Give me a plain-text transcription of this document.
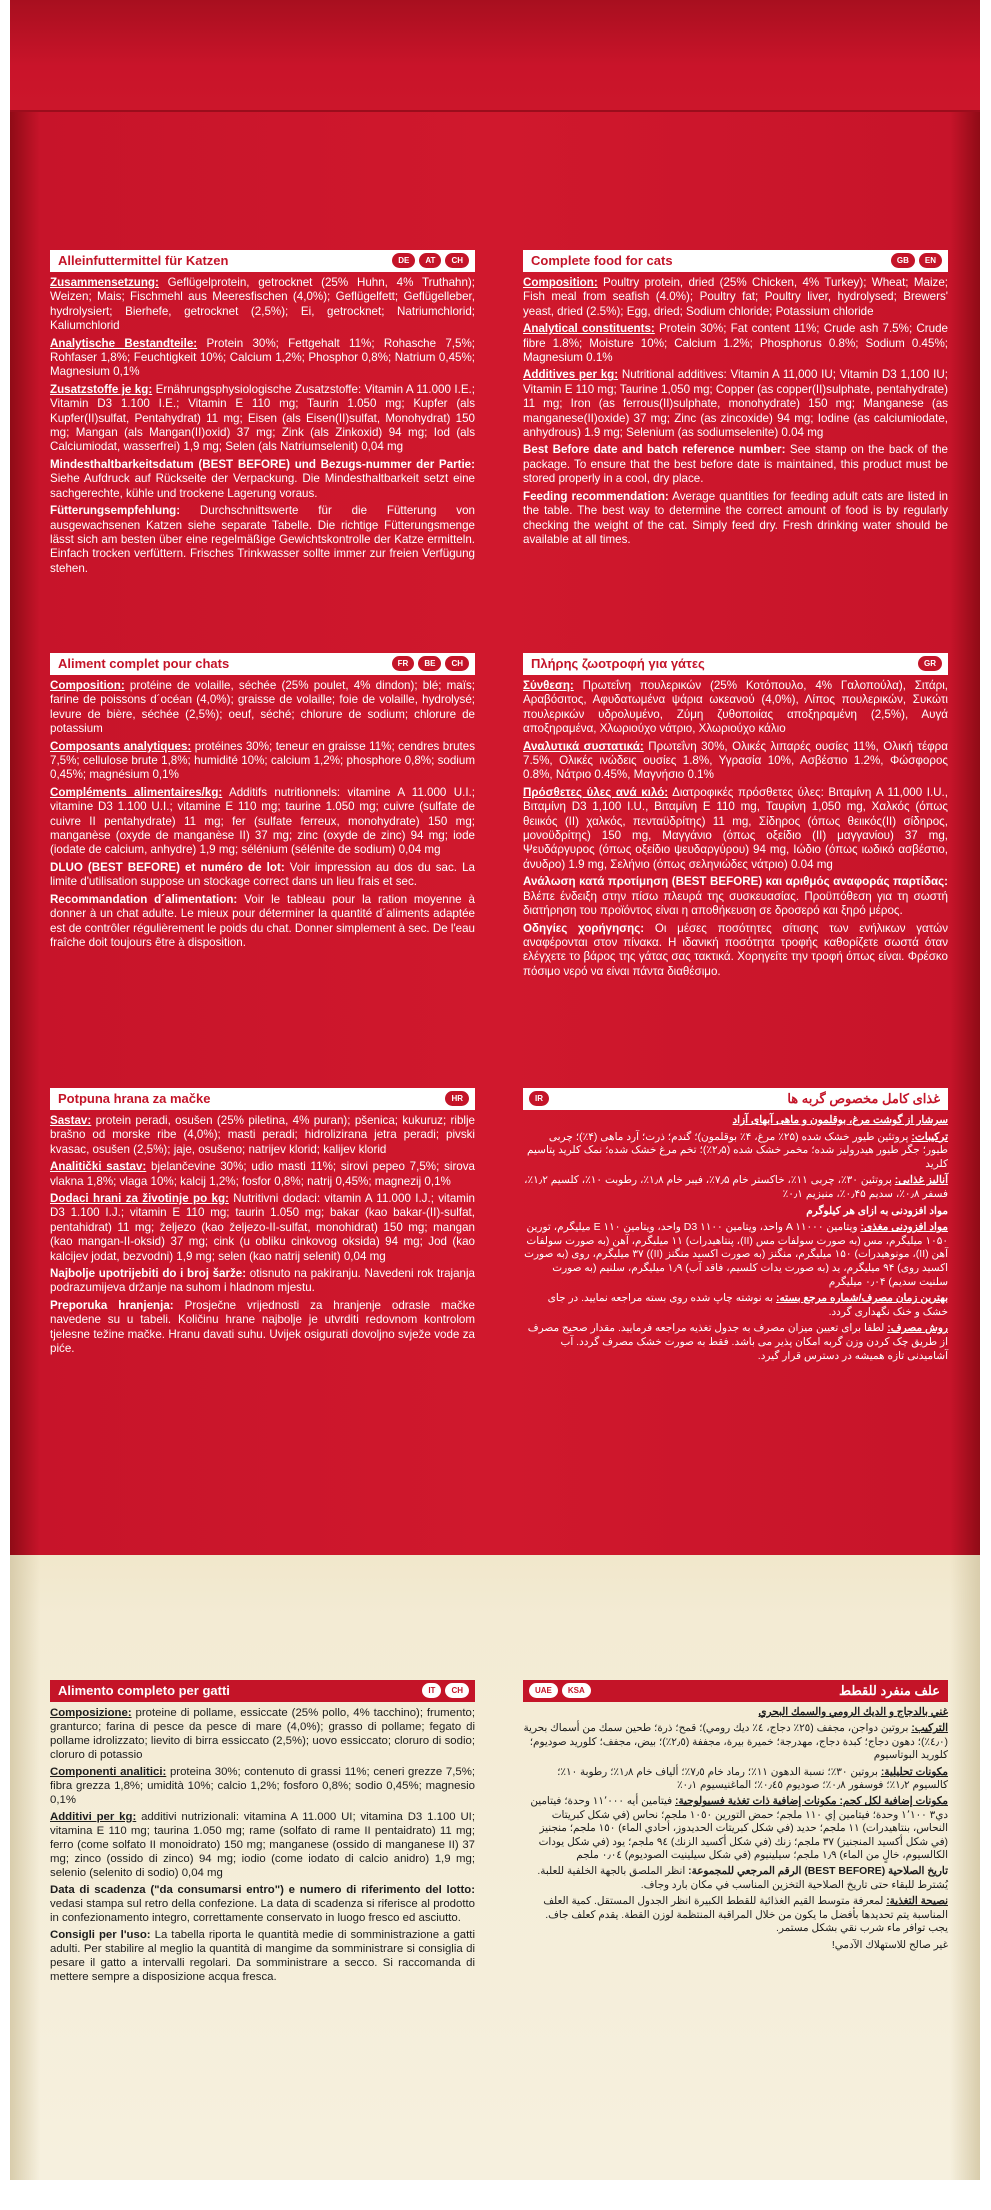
Alleinfuttermittel für Katzen	DE	AT	CH

Zusammensetzung: Geflügelprotein, getrocknet (25% Huhn, 4% Truthahn); Weizen; Mais; Fischmehl aus Meeresfischen (4,0%); Geflügelfett; Geflügelleber, hydrolysiert; Bierhefe, getrocknet (2,5%); Ei, getrocknet; Natriumchlorid; Kaliumchlorid

Analytische Bestandteile: Protein 30%; Fettgehalt 11%; Rohasche 7,5%; Rohfaser 1,8%; Feuchtigkeit 10%; Calcium 1,2%; Phosphor 0,8%; Natrium 0,45%; Magnesium 0,1%

Zusatzstoffe je kg: Ernährungsphysiologische Zusatzstoffe: Vitamin A 11.000 I.E.; Vitamin D3 1.100 I.E.; Vitamin E 110 mg; Taurin 1.050 mg; Kupfer (als Kupfer(II)sulfat, Pentahydrat) 11 mg; Eisen (als Eisen(II)sulfat, Monohydrat) 150 mg; Mangan (als Mangan(II)oxid) 37 mg; Zink (als Zinkoxid) 94 mg; Iod (als Calciumiodat, wasserfrei) 1,9 mg; Selen (als Natriumselenit) 0,04 mg

Mindesthaltbarkeitsdatum (BEST BEFORE) und Bezugs-nummer der Partie: Siehe Aufdruck auf Rückseite der Verpackung. Die Mindesthaltbarkeit setzt eine sachgerechte, kühle und trockene Lagerung voraus.

Fütterungsempfehlung: Durchschnittswerte für die Fütterung von ausgewachsenen Katzen siehe separate Tabelle. Die richtige Fütterungsmenge lässt sich am besten über eine regelmäßige Gewichtskontrolle der Katze ermitteln. Einfach trocken verfüttern. Frisches Trinkwasser sollte immer zur freien Verfügung stehen.

Complete food for cats	GB	EN

Composition: Poultry protein, dried (25% Chicken, 4% Turkey); Wheat; Maize; Fish meal from seafish (4.0%); Poultry fat; Poultry liver, hydrolysed; Brewers' yeast, dried (2.5%); Egg, dried; Sodium chloride; Potassium chloride

Analytical constituents: Protein 30%; Fat content 11%; Crude ash 7.5%; Crude fibre 1.8%; Moisture 10%; Calcium 1.2%; Phosphorus 0.8%; Sodium 0.45%; Magnesium 0.1%

Additives per kg: Nutritional additives: Vitamin A 11,000 IU; Vitamin D3 1,100 IU; Vitamin E 110 mg; Taurine 1,050 mg; Copper (as copper(II)sulphate, pentahydrate) 11 mg; Iron (as ferrous(II)sulphate, monohydrate) 150 mg; Manganese (as manganese(II)oxide) 37 mg; Zinc (as zincoxide) 94 mg; Iodine (as calciumiodate, anhydrous) 1.9 mg; Selenium (as sodiumselenite) 0.04 mg

Best Before date and batch reference number: See stamp on the back of the package. To ensure that the best before date is maintained, this product must be stored properly in a cool, dry place.

Feeding recommendation: Average quantities for feeding adult cats are listed in the table. The best way to determine the correct amount of food is by regularly checking the weight of the cat. Simply feed dry. Fresh drinking water should be available at all times.

Aliment complet pour chats	FR	BE	CH

Composition: protéine de volaille, séchée (25% poulet, 4% dindon); blé; maïs; farine de poissons d´océan (4,0%); graisse de volaille; foie de volaille, hydrolysé; levure de bière, séchée (2,5%); oeuf, séché; chlorure de sodium; chlorure de potassium

Composants analytiques: protéines 30%; teneur en graisse 11%; cendres brutes 7,5%; cellulose brute 1,8%; humidité 10%; calcium 1,2%; phosphore 0,8%; sodium 0,45%; magnésium 0,1%

Compléments alimentaires/kg: Additifs nutritionnels: vitamine A 11.000 U.I.; vitamine D3 1.100 U.I.; vitamine E 110 mg; taurine 1.050 mg; cuivre (sulfate de cuivre II pentahydrate) 11 mg; fer (sulfate ferreux, monohydrate) 150 mg; manganèse (oxyde de manganèse II) 37 mg; zinc (oxyde de zinc) 94 mg; iode (iodate de calcium, anhydre) 1,9 mg; sélénium (sélénite de sodium) 0,04 mg

DLUO (BEST BEFORE) et numéro de lot: Voir impression au dos du sac. La limite d'utilisation suppose un stockage correct dans un lieu frais et sec.

Recommandation d´alimentation: Voir le tableau pour la ration moyenne à donner à un chat adulte. Le mieux pour déterminer la quantité d´aliments adaptée est de contrôler régulièrement le poids du chat. Donner simplement à sec. De l'eau fraîche doit toujours être à disposition.

Πλήρης ζωοτροφή για γάτες	GR

Σύνθεση: Πρωτεΐνη πουλερικών (25% Κοτόπουλο, 4% Γαλοπούλα), Σιτάρι, Αραβόσιτος, Αφυδατωμένα ψάρια ωκεανού (4,0%), Λίπος πουλερικών, Συκώτι πουλερικών υδρολυμένο, Ζύμη ζυθοποιίας αποξηραμένη (2,5%), Αυγά αποξηραμένα, Χλωριούχο νάτριο, Χλωριούχο κάλιο

Αναλυτικά συστατικά: Πρωτεΐνη 30%, Ολικές λιπαρές ουσίες 11%, Ολική τέφρα 7.5%, Ολικές ινώδεις ουσίες 1.8%, Υγρασία 10%, Ασβέστιο 1.2%, Φώσφορος 0.8%, Νάτριο 0.45%, Μαγνήσιο 0.1%

Πρόσθετες ύλες ανά κιλό: Διατροφικές πρόσθετες ύλες: Βιταμίνη A 11,000 I.U., Βιταμίνη D3 1,100 I.U., Βιταμίνη E 110 mg, Ταυρίνη 1,050 mg, Χαλκός (όπως θειικός (II) χαλκός, πενταϋδρίτης) 11 mg, Σίδηρος (όπως θειικός(II) σίδηρος, μονοϋδρίτης) 150 mg, Μαγγάνιο (όπως οξείδιο (II) μαγγανίου) 37 mg, Ψευδάργυρος (όπως οξείδιο ψευδαργύρου) 94 mg, Ιώδιο (όπως ιωδικό ασβέστιο, άνυδρο) 1.9 mg, Σελήνιο (όπως σεληνιώδες νάτριο) 0.04 mg

Ανάλωση κατά προτίμηση (BEST BEFORE) και αριθμός αναφοράς παρτίδας: Βλέπε ένδειξη στην πίσω πλευρά της συσκευασίας. Προϋπόθεση για τη σωστή διατήρηση του προϊόντος είναι η αποθήκευση σε δροσερό και ξηρό μέρος.

Οδηγίες χορήγησης: Οι μέσες ποσότητες σίτισης των ενήλικων γατών αναφέρονται στον πίνακα. Η ιδανική ποσότητα τροφής καθορίζετε σωστά όταν ελέγχετε το βάρος της γάτας σας τακτικά. Χορηγείτε την τροφή όπως είναι. Φρέσκο πόσιμο νερό να είναι πάντα διαθέσιμο.

Potpuna hrana za mačke	HR

Sastav: protein peradi, osušen (25% piletina, 4% puran); pšenica; kukuruz; riblje brašno od morske ribe (4,0%); masti peradi; hidrolizirana jetra peradi; pivski kvasac, osušen (2,5%); jaje, osušeno; natrijev klorid; kalijev klorid

Analitički sastav: bjelančevine 30%; udio masti 11%; sirovi pepeo 7,5%; sirova vlakna 1,8%; vlaga 10%; kalcij 1,2%; fosfor 0,8%; natrij 0,45%; magnezij 0,1%

Dodaci hrani za životinje po kg: Nutritivni dodaci: vitamin A 11.000 I.J.; vitamin D3 1.100 I.J.; vitamin E 110 mg; taurin 1.050 mg; bakar (kao bakar-(II)-sulfat, pentahidrat) 11 mg; željezo (kao željezo-II-sulfat, monohidrat) 150 mg; mangan (kao mangan-II-oksid) 37 mg; cink (u obliku cinkovog oksida) 94 mg; Jod (kao kalcijev jodat, bezvodni) 1,9 mg; selen (kao natrij selenit) 0,04 mg

Najbolje upotrijebiti do i broj šarže: otisnuto na pakiranju. Navedeni rok trajanja podrazumijeva držanje na suhom i hladnom mjestu.

Preporuka hranjenja: Prosječne vrijednosti za hranjenje odrasle mačke navedene su u tabeli. Količinu hrane najbolje je utvrditi redovnom kontrolom tjelesne težine mačke. Hranu davati suhu. Uvijek osigurati dovoljno svježe vode za piće.

غذای کامل مخصوص گربه ها
IR

سرشار از گوشت مرغ، بوقلمون و ماهی آبهای آزاد

ترکیبات: پروتئین طیور خشک شده (۲۵٪ مرغ، ۴٪ بوقلمون)؛ گندم؛ ذرت؛ آرد ماهی (۴٪)؛ چربی طیور؛ جگر طیور هیدرولیز شده؛ مخمر خشک شده (۲٫۵٪)؛ تخم مرغ خشک شده؛ نمک کلرید پتاسیم کلرید

آنالیز غذایی: پروتئین ۳۰٪، چربی ۱۱٪، خاکستر خام ۷٫۵٪، فیبر خام ۱٫۸٪، رطوبت ۱۰٪، کلسیم ۱٫۲٪، فسفر ۰٫۸٪، سدیم ۰٫۴۵٪، منیزیم ۰٫۱٪

مواد افزودنی به ازای هر کیلوگرم

مواد افزودنی مغذی: ویتامین A ۱۱۰۰۰ واحد، ویتامین D3 ۱۱۰۰ واحد، ویتامین E ۱۱۰ میلیگرم، تورین ۱۰۵۰ میلیگرم، مس (به صورت سولفات مس (II)، پنتاهیدرات) ۱۱ میلیگرم، آهن (به صورت سولفات آهن (II)، مونوهیدرات) ۱۵۰ میلیگرم، منگنز (به صورت اکسید منگنز (II)) ۳۷ میلیگرم، روی (به صورت اکسید روی) ۹۴ میلیگرم، ید (به صورت یدات کلسیم، فاقد آب) ۱٫۹ میلیگرم، سلنیم (به صورت سلنیت سدیم) ۰٫۰۴ میلیگرم

بهترین زمان مصرف/شماره مرجع بسته: به نوشته چاپ شده روی بسته مراجعه نمایید. در جای خشک و خنک نگهداری گردد.

روش مصرف: لطفا برای تعیین میزان مصرف به جدول تغذیه مراجعه فرمایید. مقدار صحیح مصرف از طریق چک کردن وزن گربه امکان پذیر می باشد. فقط به صورت خشک مصرف گردد. آب آشامیدنی تازه همیشه در دسترس قرار گیرد.

Alimento completo per gatti	IT	CH

Composizione: proteine di pollame, essiccate (25% pollo, 4% tacchino); frumento; granturco; farina di pesce da pesce di mare (4,0%); grasso di pollame; fegato di pollame idrolizzato; lievito di birra essiccato (2,5%); uovo essiccato; cloruro di sodio; cloruro di potassio

Componenti analitici: proteina 30%; contenuto di grassi 11%; ceneri grezze 7,5%; fibra grezza 1,8%; umidità 10%; calcio 1,2%; fosforo 0,8%; sodio 0,45%; magnesio 0,1%

Additivi per kg: additivi nutrizionali: vitamina A 11.000 UI; vitamina D3 1.100 UI; vitamina E 110 mg; taurina 1.050 mg; rame (solfato di rame II pentaidrato) 11 mg; ferro (come solfato II monoidrato) 150 mg; manganese (ossido di manganese II) 37 mg; zinco (ossido di zinco) 94 mg; iodio (come iodato di calcio anidro) 1,9 mg; selenio (selenito di sodio) 0,04 mg

Data di scadenza ("da consumarsi entro") e numero di riferimento del lotto: vedasi stampa sul retro della confezione. La data di scadenza si riferisce al prodotto in confezionamento integro, correttamente conservato in luogo fresco ed asciutto.

Consigli per l'uso: La tabella riporta le quantità medie di somministrazione a gatti adulti. Per stabilire al meglio la quantità di mangime da somministrare si consiglia di pesare il gatto a intervalli regolari. Da somministrare a secco. Si raccomanda di mettere sempre a disposizione acqua fresca.

علف منفرد للقطط
KSA
UAE

غني بالدجاج و الديك الرومي والسمك البحري

التركيب: بروتين دواجن، مجفف (۲٥٪ دجاج، ٤٪ ديك رومي)؛ قمح؛ ذرة؛ طحين سمك من أسماك بحرية (٤٫۰٪)؛ دهون دجاج؛ كبدة دجاج، مهدرجة؛ خميرة بيرة، مجففة (۲٫٥٪)؛ بيض، مجفف؛ كلوريد صوديوم؛ كلوريد البوتاسيوم

مكونات تحليلية: بروتين ۳۰٪؛ نسبة الدهون ۱۱٪؛ رماد خام ۷٫٥٪؛ ألياف خام ۱٫۸٪؛ رطوبة ۱۰٪؛ كالسيوم ۱٫۲٪؛ فوسفور ۰٫۸٪؛ صوديوم ۰٫٤٥٪؛ الماغنيسيوم ۰٫۱٪

مكونات إضافية لكل كجم: مكونات إضافية ذات تغذية فسيولوجية: فيتامين أيه ۱۱٬۰۰۰ وحدة؛ فيتامين دي۳ ۱٬۱۰۰ وحدة؛ فيتامين إي ۱۱۰ ملجم؛ حمض التورين ۱۰٥۰ ملجم؛ نحاس (في شكل كبريتات النحاس، بنتاهيدرات) ۱۱ ملجم؛ حديد (في شكل كبريتات الحديدوز، أحادي الماء) ۱٥۰ ملجم؛ منجنيز (في شكل أكسيد المنجنيز) ۳۷ ملجم؛ زنك (في شكل أكسيد الزنك) ۹٤ ملجم؛ يود (في شكل يودات الكالسيوم، خالٍ من الماء) ۱٫۹ ملجم؛ سيلينيوم (في شكل سيلينيت الصوديوم) ۰٫۰٤ ملجم

تاريخ الصلاحية (BEST BEFORE) الرقم المرجعي للمجموعة: انظر الملصق بالجهة الخلفية للعلبة. يُشترط للبقاء حتى تاريخ الصلاحية التخزين المناسب في مكان بارد وجاف.

نصيحة التغذية: لمعرفة متوسط القيم الغذائية للقطط الكبيرة انظر الجدول المستقل. كمية العلف المناسبة يتم تحديدها بأفضل ما يكون من خلال المراقبة المنتظمة لوزن القطة. يقدم كعلف جاف. يجب توافر ماء شرب نقي بشكل مستمر.

غير صالح للاستهلاك الآدمي!
